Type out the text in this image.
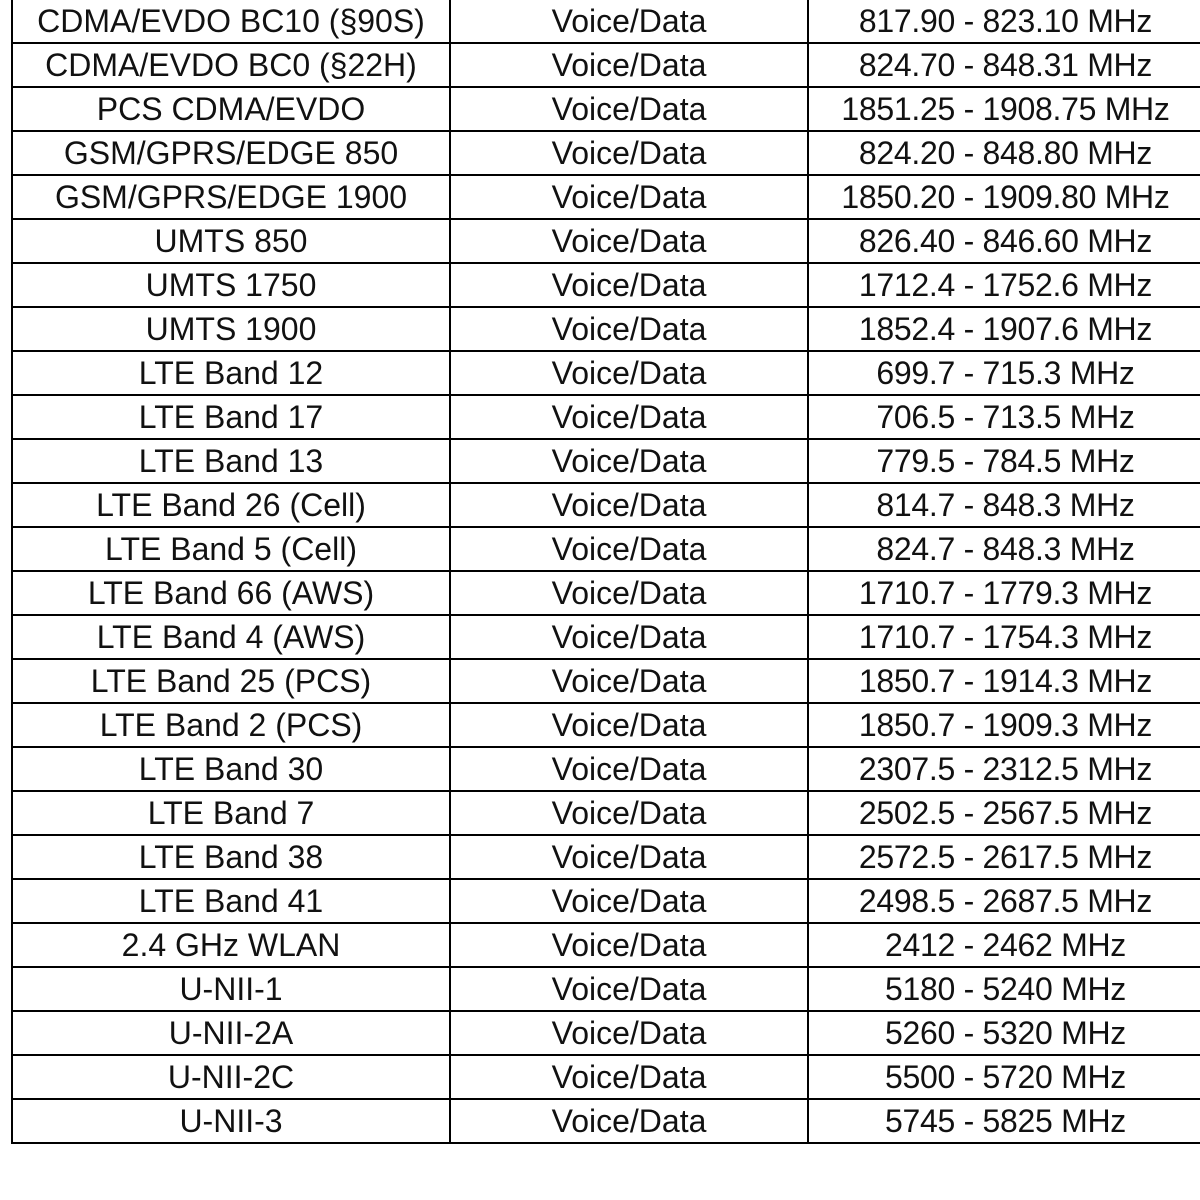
CDMA/EVDO BC10 (§90S)	Voice/Data	817.90 - 823.10 MHz
CDMA/EVDO BC0 (§22H)	Voice/Data	824.70 - 848.31 MHz
PCS CDMA/EVDO	Voice/Data	1851.25 - 1908.75 MHz
GSM/GPRS/EDGE 850	Voice/Data	824.20 - 848.80 MHz
GSM/GPRS/EDGE 1900	Voice/Data	1850.20 - 1909.80 MHz
UMTS 850	Voice/Data	826.40 - 846.60 MHz
UMTS 1750	Voice/Data	1712.4 - 1752.6 MHz
UMTS 1900	Voice/Data	1852.4 - 1907.6 MHz
LTE Band 12	Voice/Data	699.7 - 715.3 MHz
LTE Band 17	Voice/Data	706.5 - 713.5 MHz
LTE Band 13	Voice/Data	779.5 - 784.5 MHz
LTE Band 26 (Cell)	Voice/Data	814.7 - 848.3 MHz
LTE Band 5 (Cell)	Voice/Data	824.7 - 848.3 MHz
LTE Band 66 (AWS)	Voice/Data	1710.7 - 1779.3 MHz
LTE Band 4 (AWS)	Voice/Data	1710.7 - 1754.3 MHz
LTE Band 25 (PCS)	Voice/Data	1850.7 - 1914.3 MHz
LTE Band 2 (PCS)	Voice/Data	1850.7 - 1909.3 MHz
LTE Band 30	Voice/Data	2307.5 - 2312.5 MHz
LTE Band 7	Voice/Data	2502.5 - 2567.5 MHz
LTE Band 38	Voice/Data	2572.5 - 2617.5 MHz
LTE Band 41	Voice/Data	2498.5 - 2687.5 MHz
2.4 GHz WLAN	Voice/Data	2412 - 2462 MHz
U-NII-1	Voice/Data	5180 - 5240 MHz
U-NII-2A	Voice/Data	5260 - 5320 MHz
U-NII-2C	Voice/Data	5500 - 5720 MHz
U-NII-3	Voice/Data	5745 - 5825 MHz
